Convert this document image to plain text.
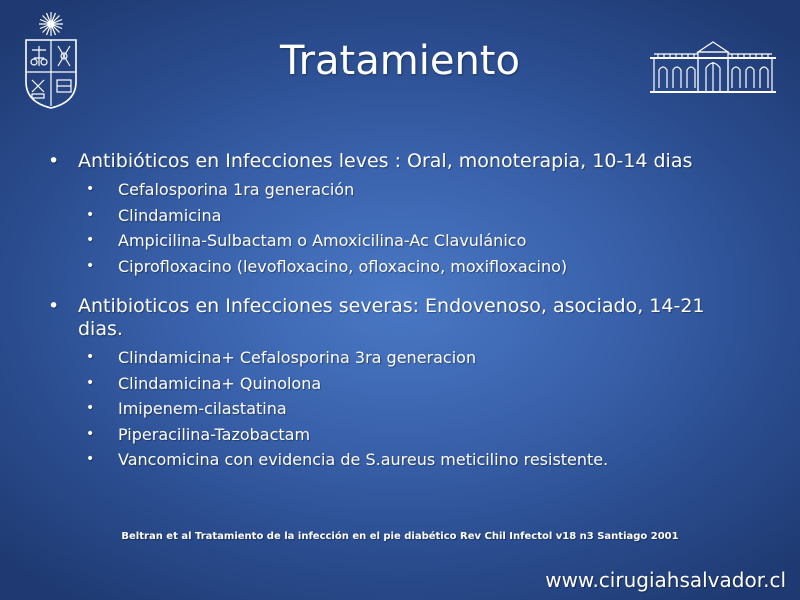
Tratamiento
• Antibióticos en Infecciones leves : Oral, monoterapia, 10-14 dias
• Cefalosporina 1ra generación
• Clindamicina
• Ampicilina-Sulbactam o Amoxicilina-Ac Clavulánico
• Ciprofloxacino (levofloxacino, ofloxacino, moxifloxacino)
• Antibioticos en Infecciones severas: Endovenoso, asociado, 14-21 dias.
• Clindamicina+ Cefalosporina 3ra generacion
• Clindamicina+ Quinolona
• Imipenem-cilastatina
• Piperacilina-Tazobactam
• Vancomicina con evidencia de S.aureus meticilino resistente.
Beltran et al Tratamiento de la infección en el pie diabético Rev Chil Infectol v18 n3 Santiago 2001
www.cirugiahsalvador.cl
